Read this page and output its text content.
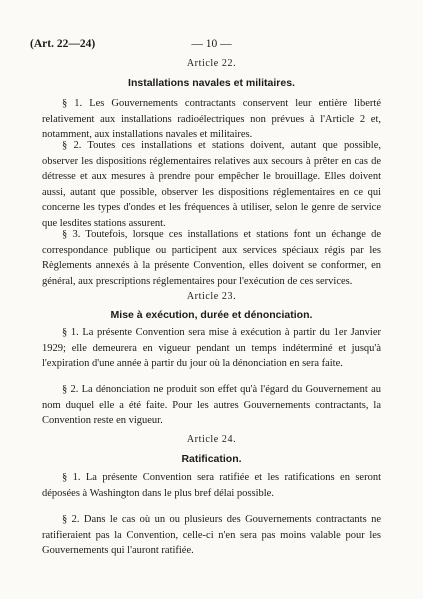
(Art. 22—24)	— 10 —
Article 22.
Installations navales et militaires.

§ 1. Les Gouvernements contractants conservent leur entière liberté relativement aux installations radioélectriques non prévues à l'Article 2 et, notamment, aux installations navales et militaires.

§ 2. Toutes ces installations et stations doivent, autant que possible, observer les dispositions réglementaires relatives aux secours à prêter en cas de détresse et aux mesures à prendre pour empêcher le brouillage. Elles doivent aussi, autant que possible, observer les dispositions réglementaires en ce qui concerne les types d'ondes et les fréquences à utiliser, selon le genre de service que lesdites stations assurent.

§ 3. Toutefois, lorsque ces installations et stations font un échange de correspondance publique ou participent aux services spéciaux régis par les Règlements annexés à la présente Convention, elles doivent se conformer, en général, aux prescriptions réglementaires pour l'exécution de ces services.

Article 23.
Mise à exécution, durée et dénonciation.

§ 1. La présente Convention sera mise à exécution à partir du 1er Janvier 1929; elle demeurera en vigueur pendant un temps indéterminé et jusqu'à l'expiration d'une année à partir du jour où la dénonciation en sera faite.

§ 2. La dénonciation ne produit son effet qu'à l'égard du Gouvernement au nom duquel elle a été faite. Pour les autres Gouvernements contractants, la Convention reste en vigueur.

Article 24.
Ratification.

§ 1. La présente Convention sera ratifiée et les ratifications en seront déposées à Washington dans le plus bref délai possible.

§ 2. Dans le cas où un ou plusieurs des Gouvernements contractants ne ratifieraient pas la Convention, celle-ci n'en sera pas moins valable pour les Gouvernements qui l'auront ratifiée.
